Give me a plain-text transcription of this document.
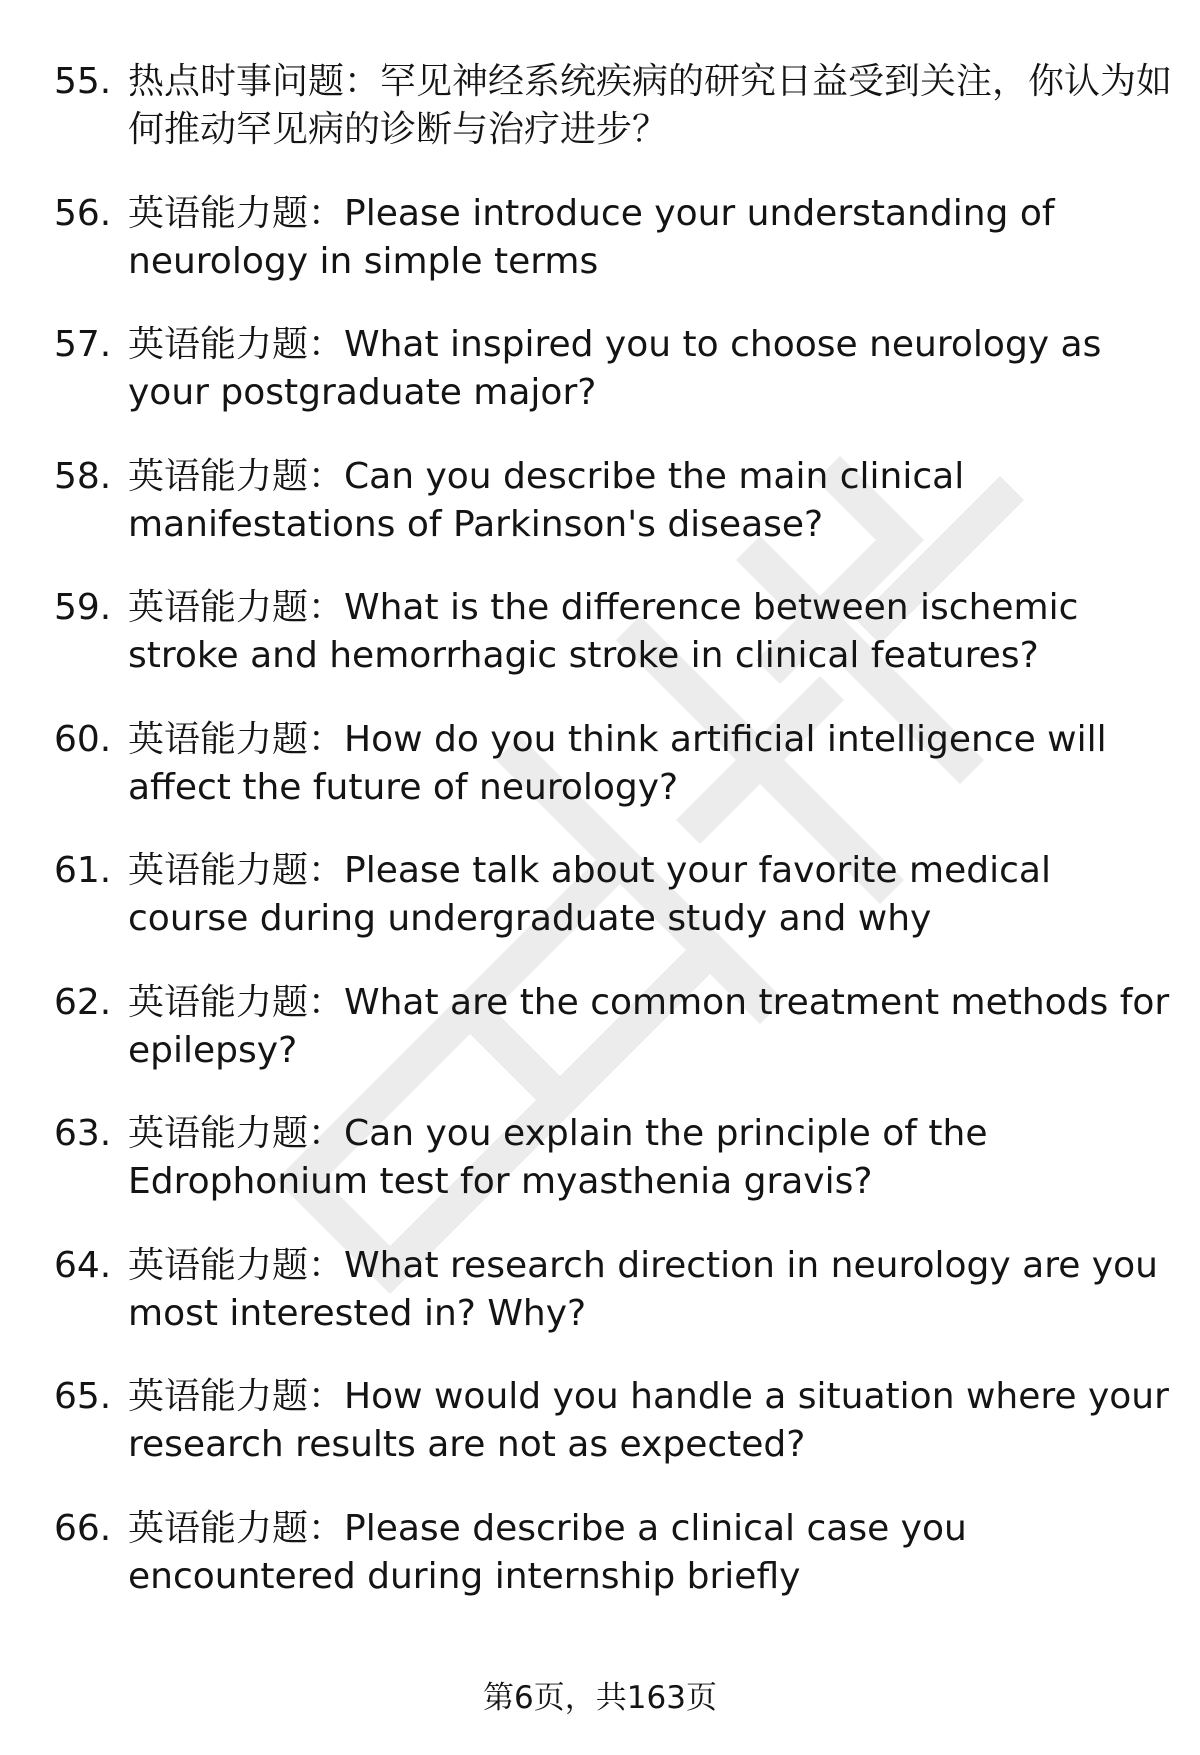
55. 热点时事问题：罕见神经系统疾病的研究日益受到关注，你认为如何推动罕见病的诊断与治疗进步？
56. 英语能力题：Please introduce your understanding of neurology in simple terms
57. 英语能力题：What inspired you to choose neurology as your postgraduate major?
58. 英语能力题：Can you describe the main clinical manifestations of Parkinson's disease?
59. 英语能力题：What is the difference between ischemic stroke and hemorrhagic stroke in clinical features?
60. 英语能力题：How do you think artificial intelligence will affect the future of neurology?
61. 英语能力题：Please talk about your favorite medical course during undergraduate study and why
62. 英语能力题：What are the common treatment methods for epilepsy?
63. 英语能力题：Can you explain the principle of the Edrophonium test for myasthenia gravis?
64. 英语能力题：What research direction in neurology are you most interested in? Why?
65. 英语能力题：How would you handle a situation where your research results are not as expected?
66. 英语能力题：Please describe a clinical case you encountered during internship briefly
第6页，共163页
